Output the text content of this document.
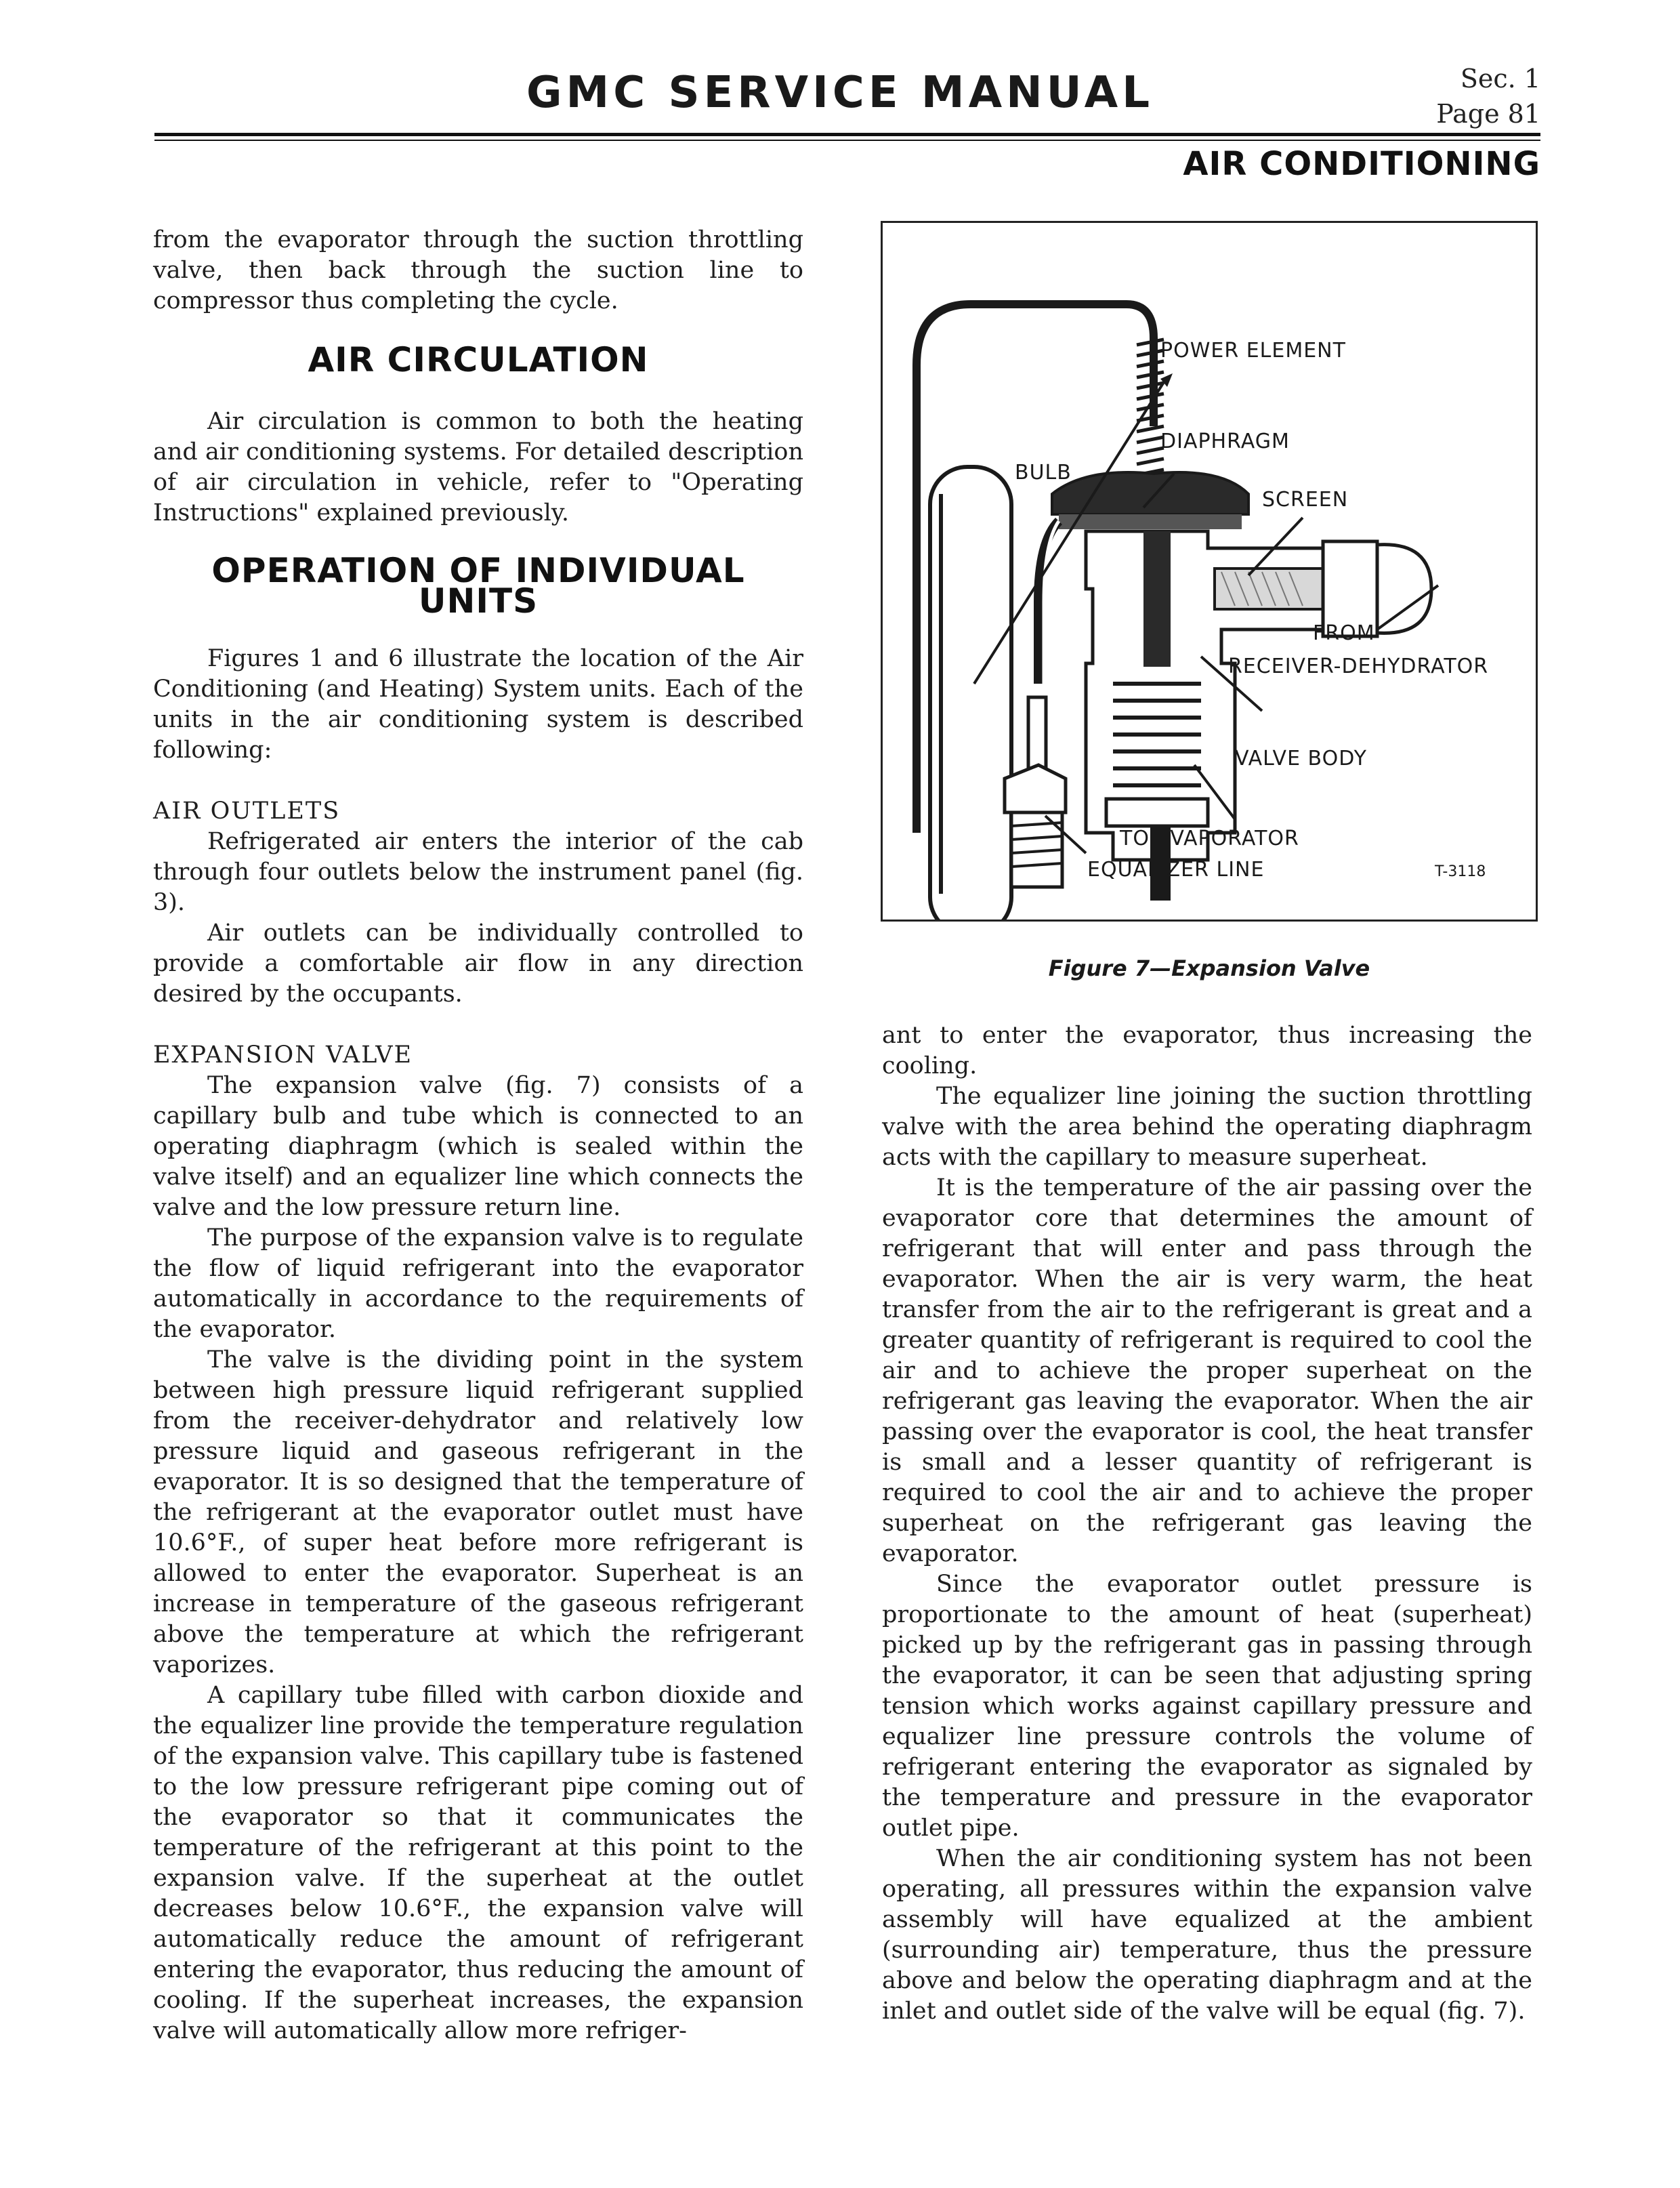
GMC SERVICE MANUAL	Sec. 1
Page 81
AIR CONDITIONING

from the evaporator through the suction throttling valve, then back through the suction line to compressor thus completing the cycle.

AIR CIRCULATION

Air circulation is common to both the heating and air conditioning systems. For detailed description of air circulation in vehicle, refer to "Operating Instructions" explained previously.

OPERATION OF INDIVIDUAL UNITS

Figures 1 and 6 illustrate the location of the Air Conditioning (and Heating) System units. Each of the units in the air conditioning system is described following:

AIR OUTLETS

Refrigerated air enters the interior of the cab through four outlets below the instrument panel (fig. 3).

Air outlets can be individually controlled to provide a comfortable air flow in any direction desired by the occupants.

EXPANSION VALVE

The expansion valve (fig. 7) consists of a capillary bulb and tube which is connected to an operating diaphragm (which is sealed within the valve itself) and an equalizer line which connects the valve and the low pressure return line.

The purpose of the expansion valve is to regulate the flow of liquid refrigerant into the evaporator automatically in accordance to the requirements of the evaporator.

The valve is the dividing point in the system between high pressure liquid refrigerant supplied from the receiver-dehydrator and relatively low pressure liquid and gaseous refrigerant in the evaporator. It is so designed that the temperature of the refrigerant at the evaporator outlet must have 10.6°F., of super heat before more refrigerant is allowed to enter the evaporator. Superheat is an increase in temperature of the gaseous refrigerant above the temperature at which the refrigerant vaporizes.

A capillary tube filled with carbon dioxide and the equalizer line provide the temperature regulation of the expansion valve. This capillary tube is fastened to the low pressure refrigerant pipe coming out of the evaporator so that it communicates the temperature of the refrigerant at this point to the expansion valve. If the superheat at the outlet decreases below 10.6°F., the expansion valve will automatically reduce the amount of refrigerant entering the evaporator, thus reducing the amount of cooling. If the superheat increases, the expansion valve will automatically allow more refriger-

POWER ELEMENT
DIAPHRAGM
BULB
SCREEN
FROM
RECEIVER-DEHYDRATOR
VALVE BODY
TO EVAPORATOR
EQUALIZER LINE	T-3118
Figure 7—Expansion Valve

ant to enter the evaporator, thus increasing the cooling.

The equalizer line joining the suction throttling valve with the area behind the operating diaphragm acts with the capillary to measure superheat.

It is the temperature of the air passing over the evaporator core that determines the amount of refrigerant that will enter and pass through the evaporator. When the air is very warm, the heat transfer from the air to the refrigerant is great and a greater quantity of refrigerant is required to cool the air and to achieve the proper superheat on the refrigerant gas leaving the evaporator. When the air passing over the evaporator is cool, the heat transfer is small and a lesser quantity of refrigerant is required to cool the air and to achieve the proper superheat on the refrigerant gas leaving the evaporator.

Since the evaporator outlet pressure is proportionate to the amount of heat (superheat) picked up by the refrigerant gas in passing through the evaporator, it can be seen that adjusting spring tension which works against capillary pressure and equalizer line pressure controls the volume of refrigerant entering the evaporator as signaled by the temperature and pressure in the evaporator outlet pipe.

When the air conditioning system has not been operating, all pressures within the expansion valve assembly will have equalized at the ambient (surrounding air) temperature, thus the pressure above and below the operating diaphragm and at the inlet and outlet side of the valve will be equal (fig. 7).
